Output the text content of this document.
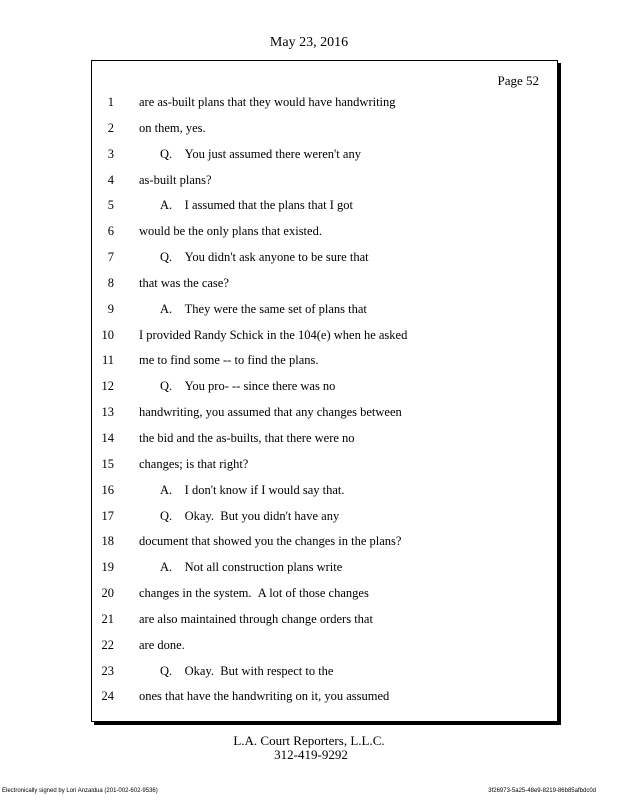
May 23, 2016
Page 52
1 are as-built plans that they would have handwriting
2 on them, yes.
3	Q.    You just assumed there weren't any
4 as-built plans?
5	A.    I assumed that the plans that I got
6 would be the only plans that existed.
7	Q.    You didn't ask anyone to be sure that
8 that was the case?
9	A.    They were the same set of plans that
10 I provided Randy Schick in the 104(e) when he asked
11 me to find some -- to find the plans.
12	Q.    You pro- -- since there was no
13 handwriting, you assumed that any changes between
14 the bid and the as-builts, that there were no
15 changes; is that right?
16	A.    I don't know if I would say that.
17	Q.    Okay.  But you didn't have any
18 document that showed you the changes in the plans?
19	A.    Not all construction plans write
20 changes in the system.  A lot of those changes
21 are also maintained through change orders that
22 are done.
23	Q.    Okay.  But with respect to the
24 ones that have the handwriting on it, you assumed
L.A. Court Reporters, L.L.C.
312-419-9292
Electronically signed by Lori Anzaldua (201-002-602-9536)	3f26973-5a25-48e9-8219-86b85afbdc0d
